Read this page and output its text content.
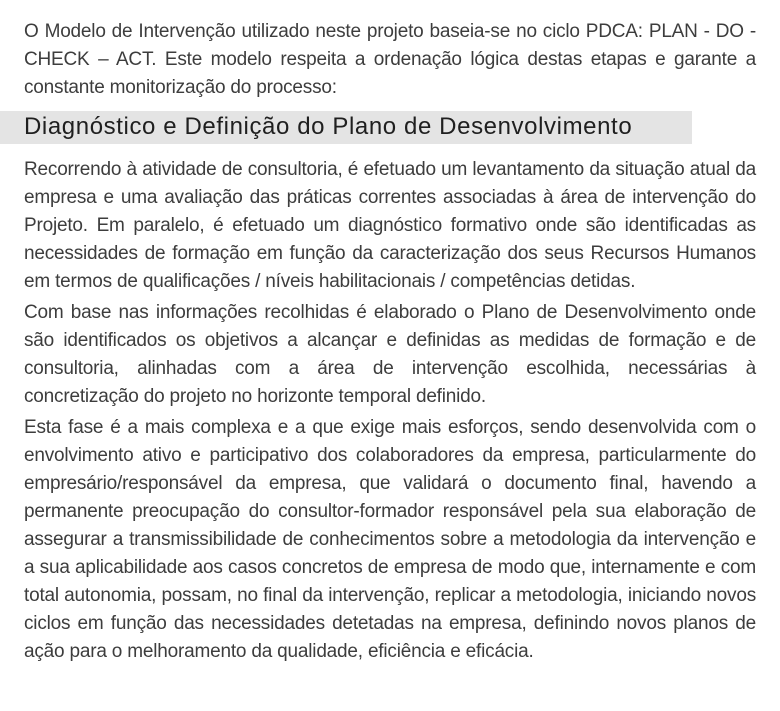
O Modelo de Intervenção utilizado neste projeto baseia-se no ciclo PDCA: PLAN - DO - CHECK – ACT. Este modelo respeita a ordenação lógica destas etapas e garante a constante monitorização do processo:

Diagnóstico e Definição do Plano de Desenvolvimento

Recorrendo à atividade de consultoria, é efetuado um levantamento da situação atual da empresa e uma avaliação das práticas correntes associadas à área de intervenção do Projeto. Em paralelo, é efetuado um diagnóstico formativo onde são identificadas as necessidades de formação em função da caracterização dos seus Recursos Humanos em termos de qualificações / níveis habilitacionais / competências detidas.

Com base nas informações recolhidas é elaborado o Plano de Desenvolvimento onde são identificados os objetivos a alcançar e definidas as medidas de formação e de consultoria, alinhadas com a área de intervenção escolhida, necessárias à concretização do projeto no horizonte temporal definido.

Esta fase é a mais complexa e a que exige mais esforços, sendo desenvolvida com o envolvimento ativo e participativo dos colaboradores da empresa, particularmente do empresário/responsável da empresa, que validará o documento final, havendo a permanente preocupação do consultor-formador responsável pela sua elaboração de assegurar a transmissibilidade de conhecimentos sobre a metodologia da intervenção e a sua aplicabilidade aos casos concretos de empresa de modo que, internamente e com total autonomia, possam, no final da intervenção, replicar a metodologia, iniciando novos ciclos em função das necessidades detetadas na empresa, definindo novos planos de ação para o melhoramento da qualidade, eficiência e eficácia.
